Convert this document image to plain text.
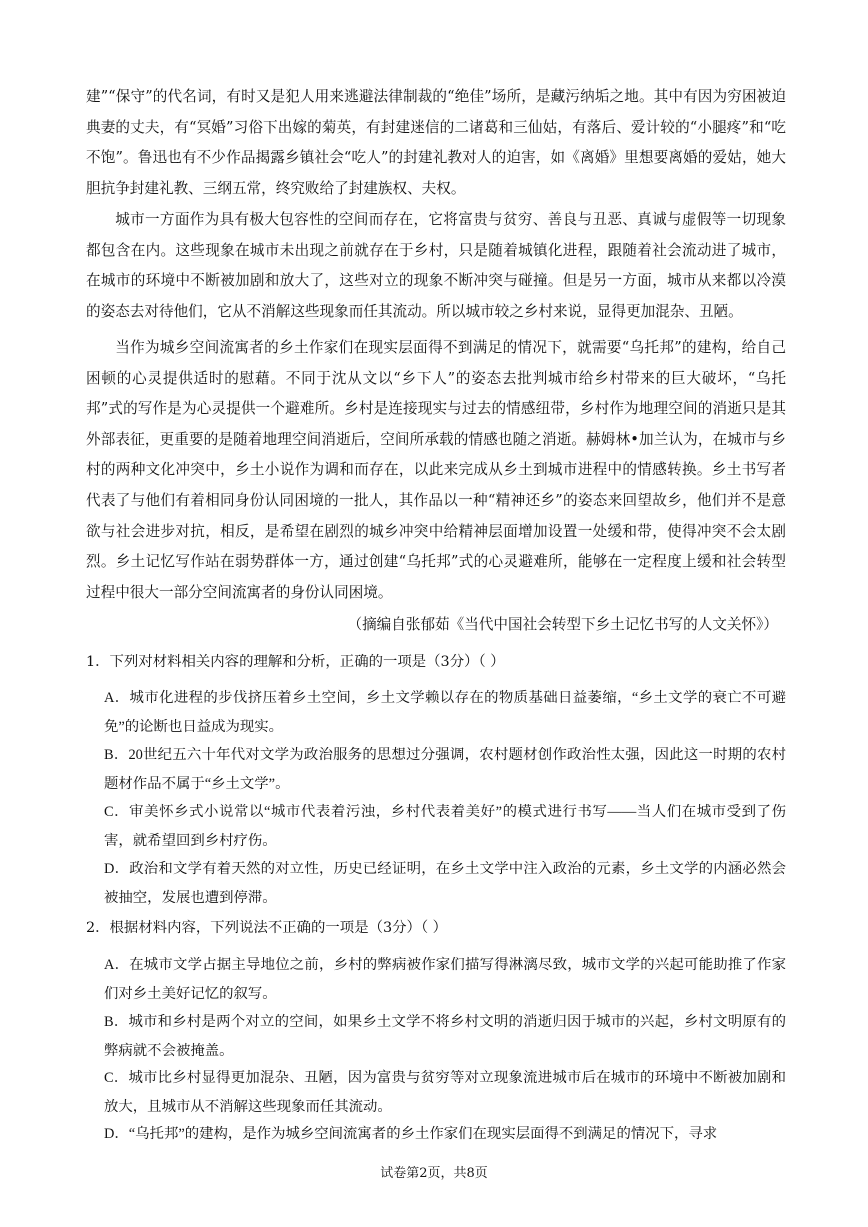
建”“保守”的代名词，有时又是犯人用来逃避法律制裁的“绝佳”场所，是藏污纳垢之地。其中有因为穷困被迫典妻的丈夫，有“冥婚”习俗下出嫁的菊英，有封建迷信的二诸葛和三仙姑，有落后、爱计较的“小腿疼”和“吃不饱”。鲁迅也有不少作品揭露乡镇社会“吃人”的封建礼教对人的迫害，如《离婚》里想要离婚的爱姑，她大胆抗争封建礼教、三纲五常，终究败给了封建族权、夫权。

城市一方面作为具有极大包容性的空间而存在，它将富贵与贫穷、善良与丑恶、真诚与虚假等一切现象都包含在内。这些现象在城市未出现之前就存在于乡村，只是随着城镇化进程，跟随着社会流动进了城市，在城市的环境中不断被加剧和放大了，这些对立的现象不断冲突与碰撞。但是另一方面，城市从来都以冷漠的姿态去对待他们，它从不消解这些现象而任其流动。所以城市较之乡村来说，显得更加混杂、丑陋。

当作为城乡空间流寓者的乡土作家们在现实层面得不到满足的情况下，就需要“乌托邦”的建构，给自己困顿的心灵提供适时的慰藉。不同于沈从文以“乡下人”的姿态去批判城市给乡村带来的巨大破坏，“乌托邦”式的写作是为心灵提供一个避难所。乡村是连接现实与过去的情感纽带，乡村作为地理空间的消逝只是其外部表征，更重要的是随着地理空间消逝后，空间所承载的情感也随之消逝。赫姆林•加兰认为，在城市与乡村的两种文化冲突中，乡土小说作为调和而存在，以此来完成从乡土到城市进程中的情感转换。乡土书写者代表了与他们有着相同身份认同困境的一批人，其作品以一种“精神还乡”的姿态来回望故乡，他们并不是意欲与社会进步对抗，相反，是希望在剧烈的城乡冲突中给精神层面增加设置一处缓和带，使得冲突不会太剧烈。乡土记忆写作站在弱势群体一方，通过创建“乌托邦”式的心灵避难所，能够在一定程度上缓和社会转型过程中很大一部分空间流寓者的身份认同困境。

（摘编自张郁茹《当代中国社会转型下乡土记忆书写的人文关怀》）

1．下列对材料相关内容的理解和分析，正确的一项是（3分）（ ）

A．城市化进程的步伐挤压着乡土空间，乡土文学赖以存在的物质基础日益萎缩，“乡土文学的衰亡不可避免”的论断也日益成为现实。

B．20世纪五六十年代对文学为政治服务的思想过分强调，农村题材创作政治性太强，因此这一时期的农村题材作品不属于“乡土文学”。

C．审美怀乡式小说常以“城市代表着污浊，乡村代表着美好”的模式进行书写——当人们在城市受到了伤害，就希望回到乡村疗伤。

D．政治和文学有着天然的对立性，历史已经证明，在乡土文学中注入政治的元素，乡土文学的内涵必然会被抽空，发展也遭到停滞。

2．根据材料内容，下列说法不正确的一项是（3分）（ ）

A．在城市文学占据主导地位之前，乡村的弊病被作家们描写得淋漓尽致，城市文学的兴起可能助推了作家们对乡土美好记忆的叙写。

B．城市和乡村是两个对立的空间，如果乡土文学不将乡村文明的消逝归因于城市的兴起，乡村文明原有的弊病就不会被掩盖。

C．城市比乡村显得更加混杂、丑陋，因为富贵与贫穷等对立现象流进城市后在城市的环境中不断被加剧和放大，且城市从不消解这些现象而任其流动。

D．“乌托邦”的建构，是作为城乡空间流寓者的乡土作家们在现实层面得不到满足的情况下，寻求

试卷第2页，共8页
